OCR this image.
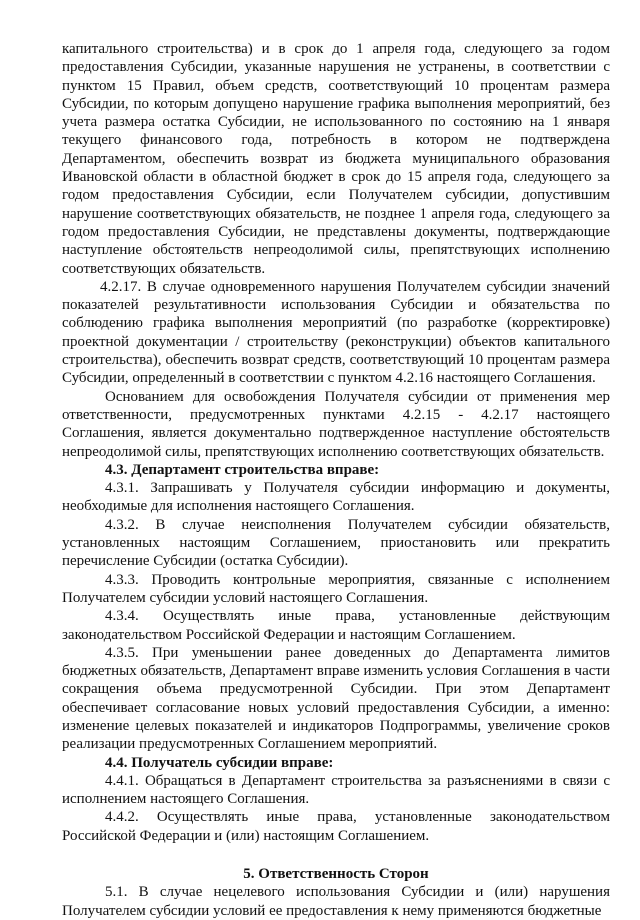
капитального строительства) и в срок до 1 апреля года, следующего за годом предоставления Субсидии, указанные нарушения не устранены, в соответствии с пунктом 15 Правил, объем средств, соответствующий 10 процентам размера Субсидии, по которым допущено нарушение графика выполнения мероприятий, без учета размера остатка Субсидии, не использованного по состоянию на 1 января текущего финансового года, потребность в котором не подтверждена Департаментом, обеспечить возврат из бюджета муниципального образования Ивановской области в областной бюджет в срок до 15 апреля года, следующего за годом предоставления Субсидии, если Получателем субсидии, допустившим нарушение соответствующих обязательств, не позднее 1 апреля года, следующего за годом предоставления Субсидии, не представлены документы, подтверждающие наступление обстоятельств непреодолимой силы, препятствующих исполнению соответствующих обязательств.

4.2.17. В случае одновременного нарушения Получателем субсидии значений показателей результативности использования Субсидии и обязательства по соблюдению графика выполнения мероприятий (по разработке (корректировке) проектной документации / строительству (реконструкции) объектов капитального строительства), обеспечить возврат средств, соответствующий 10 процентам размера Субсидии, определенный в соответствии с пунктом 4.2.16 настоящего Соглашения.

Основанием для освобождения Получателя субсидии от применения мер ответственности, предусмотренных пунктами 4.2.15 - 4.2.17 настоящего Соглашения, является документально подтвержденное наступление обстоятельств непреодолимой силы, препятствующих исполнению соответствующих обязательств.

4.3. Департамент строительства вправе:

4.3.1. Запрашивать у Получателя субсидии информацию и документы, необходимые для исполнения настоящего Соглашения.

4.3.2. В случае неисполнения Получателем субсидии обязательств, установленных настоящим Соглашением, приостановить или прекратить перечисление Субсидии (остатка Субсидии).

4.3.3. Проводить контрольные мероприятия, связанные с исполнением Получателем субсидии условий настоящего Соглашения.

4.3.4. Осуществлять иные права, установленные действующим законодательством Российской Федерации и настоящим Соглашением.

4.3.5. При уменьшении ранее доведенных до Департамента лимитов бюджетных обязательств, Департамент вправе изменить условия Соглашения в части сокращения объема предусмотренной Субсидии. При этом Департамент обеспечивает согласование новых условий предоставления Субсидии, а именно: изменение целевых показателей и индикаторов Подпрограммы, увеличение сроков реализации предусмотренных Соглашением мероприятий.

4.4. Получатель субсидии вправе:

4.4.1. Обращаться в Департамент строительства за разъяснениями в связи с исполнением настоящего Соглашения.

4.4.2. Осуществлять иные права, установленные законодательством Российской Федерации и (или) настоящим Соглашением.

5. Ответственность Сторон

5.1. В случае нецелевого использования Субсидии и (или) нарушения Получателем субсидии условий ее предоставления к нему применяются бюджетные
